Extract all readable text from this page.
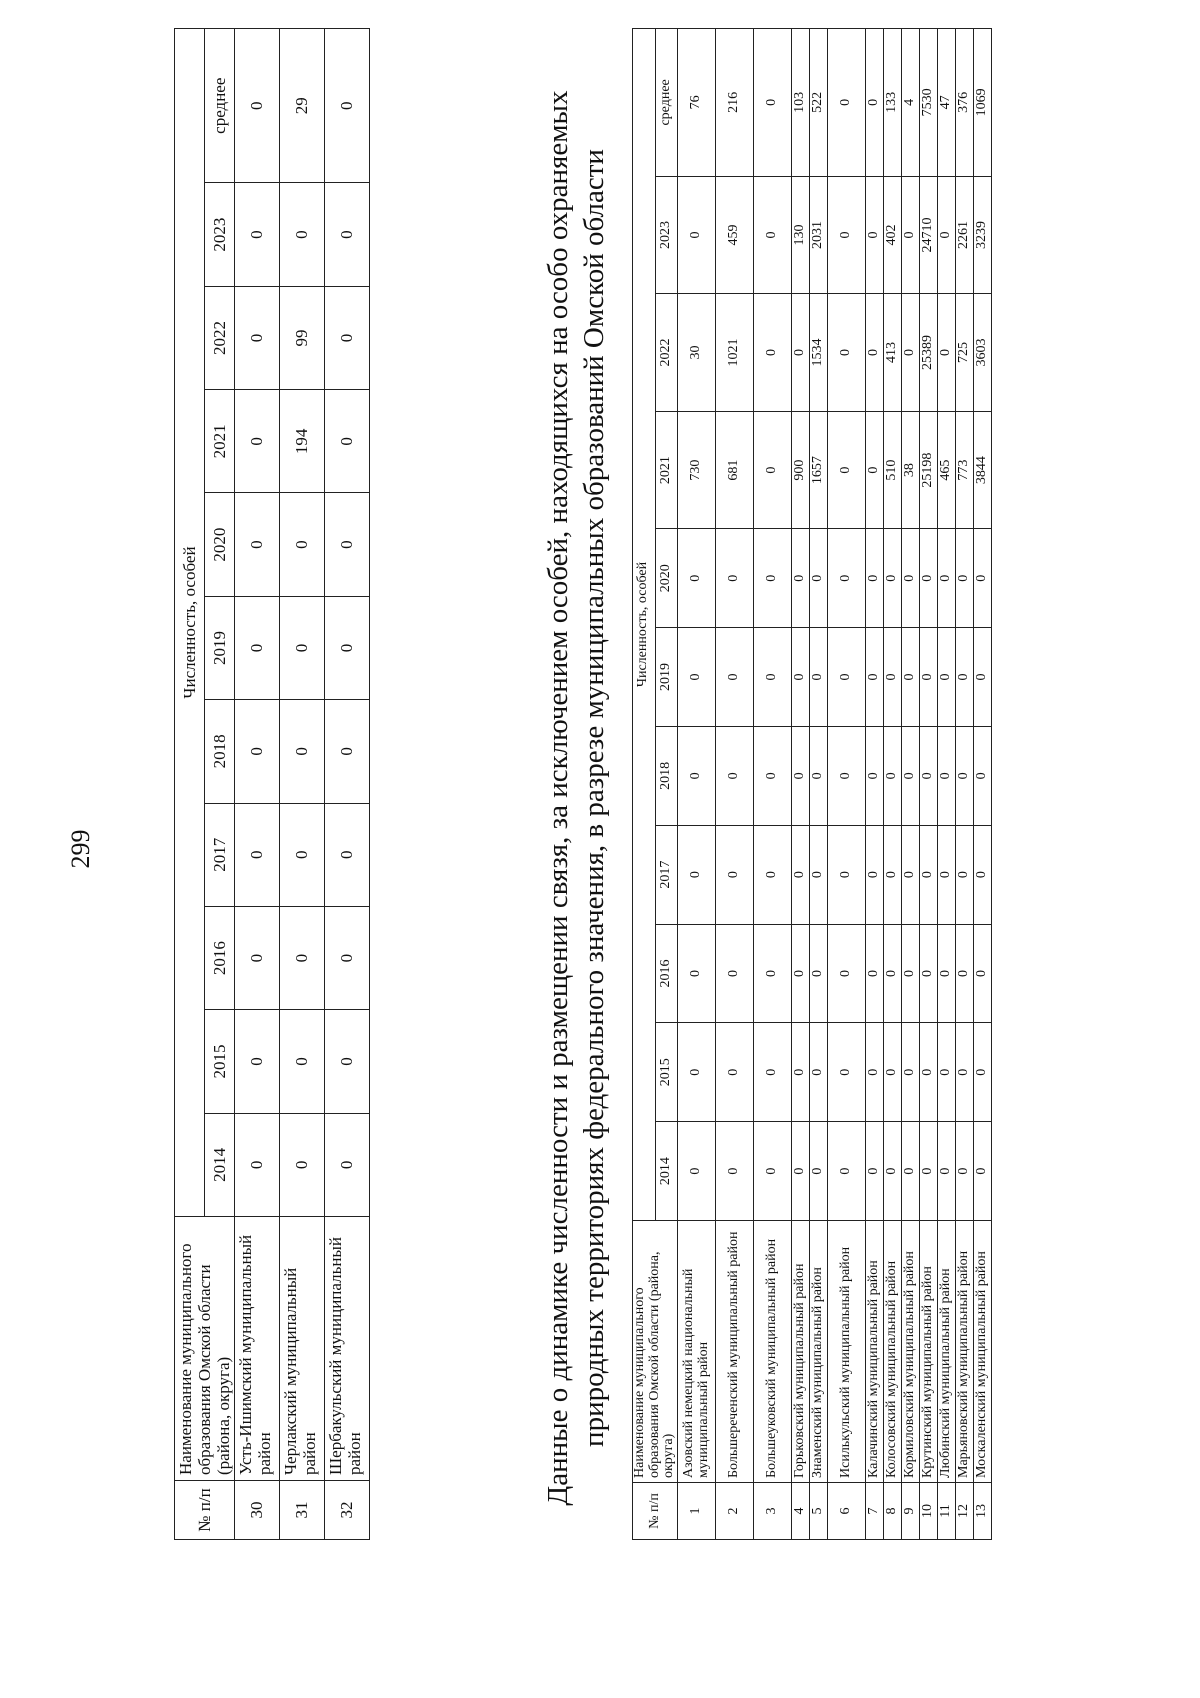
299
№ п/п	Наименование муниципального образования Омской области (района, округа)	Численность, особей										
		2014	2015	2016	2017	2018	2019	2020	2021	2022	2023	среднее
30	Усть-Ишимский муниципальный район	0	0	0	0	0	0	0	0	0	0	0
31	Черлакский муниципальный район	0	0	0	0	0	0	0	194	99	0	29
32	Шербакульский муниципальный район	0	0	0	0	0	0	0	0	0	0	0	Данные о динамике численности и размещении связя, за исключением особей, находящихся на особо охраняемых природных территориях федерального значения, в разрезе муниципальных образований Омской области
№ п/п	Наименование муниципального образования Омской области (района, округа)	Численность, особей										
		2014	2015	2016	2017	2018	2019	2020	2021	2022	2023	среднее
1	Азовский немецкий национальный муниципальный район	0	0	0	0	0	0	0	730	30	0	76
2	Большереченский муниципальный район	0	0	0	0	0	0	0	681	1021	459	216
3	Большеуковский муниципальный район	0	0	0	0	0	0	0	0	0	0	0
4	Горьковский муниципальный район	0	0	0	0	0	0	0	900	0	130	103
5	Знаменский муниципальный район	0	0	0	0	0	0	0	1657	1534	2031	522
6	Исилькульский муниципальный район	0	0	0	0	0	0	0	0	0	0	0
7	Калачинский муниципальный район	0	0	0	0	0	0	0	0	0	0	0
8	Колосовский муниципальный район	0	0	0	0	0	0	0	510	413	402	133
9	Кормиловский муниципальный район	0	0	0	0	0	0	0	38	0	0	4
10	Крутинский муниципальный район	0	0	0	0	0	0	0	25198	25389	24710	7530
11	Любинский муниципальный район	0	0	0	0	0	0	0	465	0	0	47
12	Марьяновский муниципальный район	0	0	0	0	0	0	0	773	725	2261	376
13	Москаленский муниципальный район	0	0	0	0	0	0	0	3844	3603	3239	1069
